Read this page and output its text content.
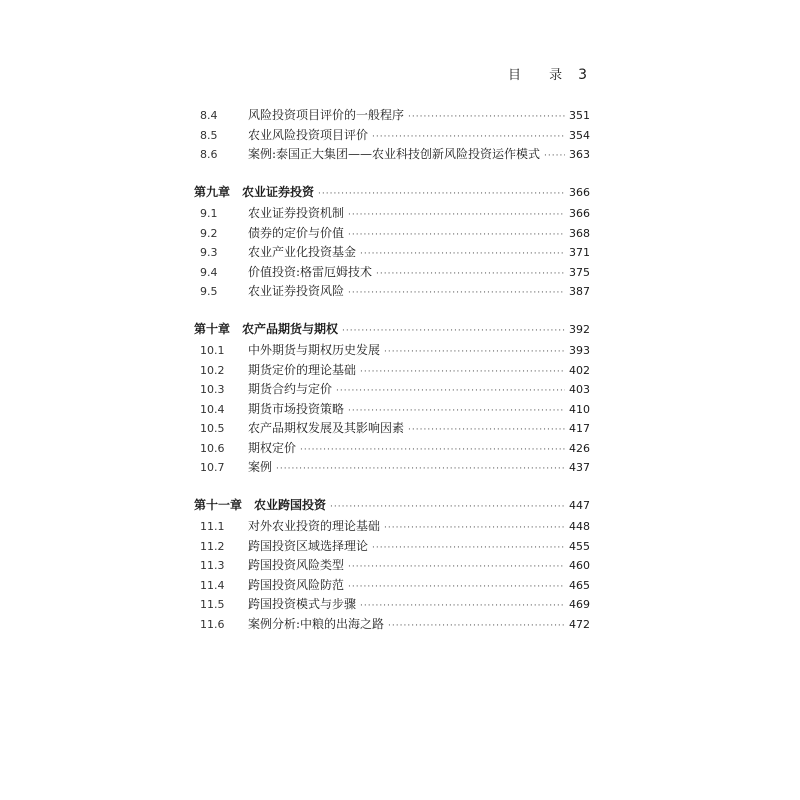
目 录 3
8.4	风险投资项目评价的一般程序 ·····	351
8.5	农业风险投资项目评价 ·····	354
8.6	案例:泰国正大集团——农业科技创新风险投资运作模式 ·····	363
第九章　农业证券投资 ·····	366
9.1	农业证券投资机制 ·····	366
9.2	债券的定价与价值 ·····	368
9.3	农业产业化投资基金 ·····	371
9.4	价值投资:格雷厄姆技术 ·····	375
9.5	农业证券投资风险 ·····	387
第十章　农产品期货与期权 ·····	392
10.1 中外期货与期权历史发展 ·····	393
10.2 期货定价的理论基础 ·····	402
10.3 期货合约与定价 ·····	403
10.4 期货市场投资策略 ·····	410
10.5 农产品期权发展及其影响因素 ·····	417
10.6 期权定价 ·····	426
10.7 案例 ·····	437
第十一章　农业跨国投资 ·····	447
11.1 对外农业投资的理论基础 ·····	448
11.2 跨国投资区域选择理论 ·····	455
11.3 跨国投资风险类型 ·····	460
11.4 跨国投资风险防范 ·····	465
11.5 跨国投资模式与步骤 ·····	469
11.6 案例分析:中粮的出海之路 ·····	472
